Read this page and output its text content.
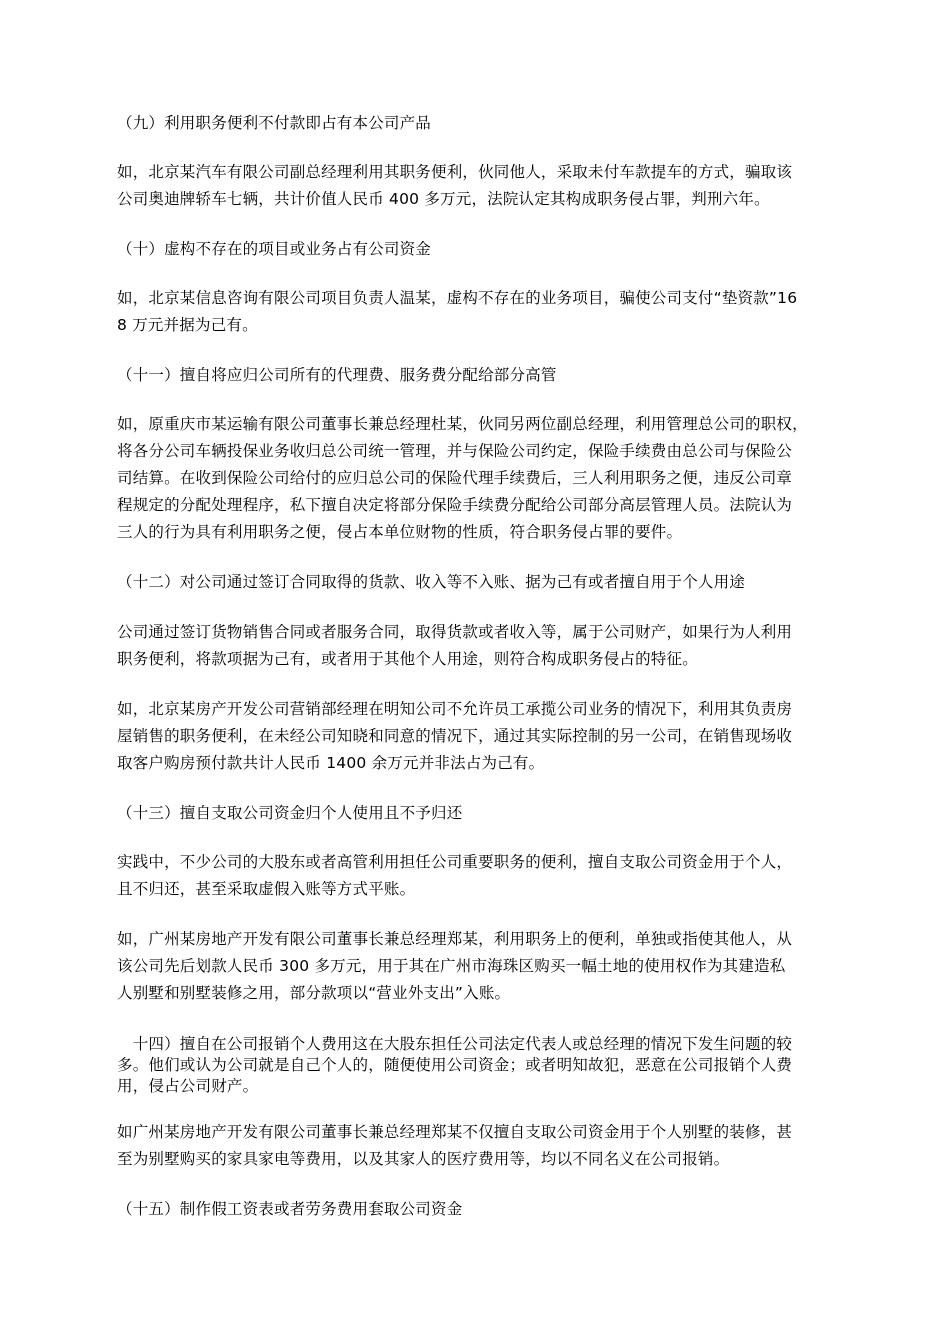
（九）利用职务便利不付款即占有本公司产品

如，北京某汽车有限公司副总经理利用其职务便利，伙同他人，采取未付车款提车的方式，骗取该
公司奥迪牌轿车七辆，共计价值人民币 400 多万元，法院认定其构成职务侵占罪，判刑六年。

（十）虚构不存在的项目或业务占有公司资金

如，北京某信息咨询有限公司项目负责人温某，虚构不存在的业务项目，骗使公司支付“垫资款”16
8 万元并据为己有。

（十一）擅自将应归公司所有的代理费、服务费分配给部分高管

如，原重庆市某运输有限公司董事长兼总经理杜某，伙同另两位副总经理，利用管理总公司的职权，
将各分公司车辆投保业务收归总公司统一管理，并与保险公司约定，保险手续费由总公司与保险公
司结算。在收到保险公司给付的应归总公司的保险代理手续费后，三人利用职务之便，违反公司章
程规定的分配处理程序，私下擅自决定将部分保险手续费分配给公司部分高层管理人员。法院认为
三人的行为具有利用职务之便，侵占本单位财物的性质，符合职务侵占罪的要件。

（十二）对公司通过签订合同取得的货款、收入等不入账、据为己有或者擅自用于个人用途

公司通过签订货物销售合同或者服务合同，取得货款或者收入等，属于公司财产，如果行为人利用
职务便利，将款项据为己有，或者用于其他个人用途，则符合构成职务侵占的特征。

如，北京某房产开发公司营销部经理在明知公司不允许员工承揽公司业务的情况下，利用其负责房
屋销售的职务便利，在未经公司知晓和同意的情况下，通过其实际控制的另一公司，在销售现场收
取客户购房预付款共计人民币 1400 余万元并非法占为己有。

（十三）擅自支取公司资金归个人使用且不予归还

实践中，不少公司的大股东或者高管利用担任公司重要职务的便利，擅自支取公司资金用于个人，
且不归还，甚至采取虚假入账等方式平账。

如，广州某房地产开发有限公司董事长兼总经理郑某，利用职务上的便利，单独或指使其他人，从
该公司先后划款人民币 300 多万元，用于其在广州市海珠区购买一幅土地的使用权作为其建造私
人别墅和别墅装修之用，部分款项以“营业外支出”入账。

　十四）擅自在公司报销个人费用这在大股东担任公司法定代表人或总经理的情况下发生问题的较
多。他们或认为公司就是自己个人的，随便使用公司资金；或者明知故犯，恶意在公司报销个人费
用，侵占公司财产。

如广州某房地产开发有限公司董事长兼总经理郑某不仅擅自支取公司资金用于个人别墅的装修，甚
至为别墅购买的家具家电等费用，以及其家人的医疗费用等，均以不同名义在公司报销。

（十五）制作假工资表或者劳务费用套取公司资金
